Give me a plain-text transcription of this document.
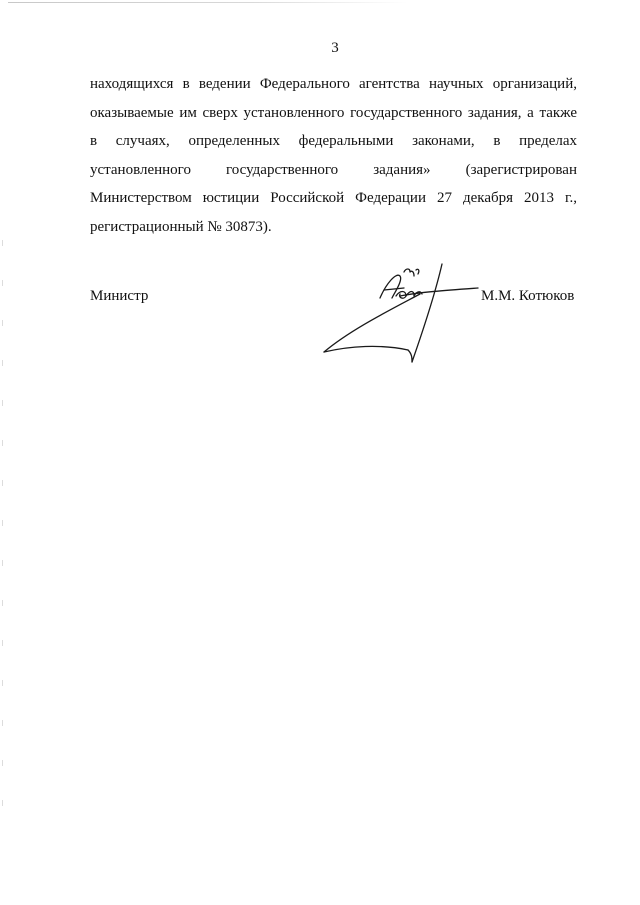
3
находящихся в ведении Федерального агентства научных организаций,
оказываемые им сверх установленного государственного задания, а также
в случаях, определенных федеральными законами, в пределах
установленного государственного задания» (зарегистрирован
Министерством юстиции Российской Федерации 27 декабря 2013 г.,
регистрационный № 30873).
Министр	М.М. Котюков
